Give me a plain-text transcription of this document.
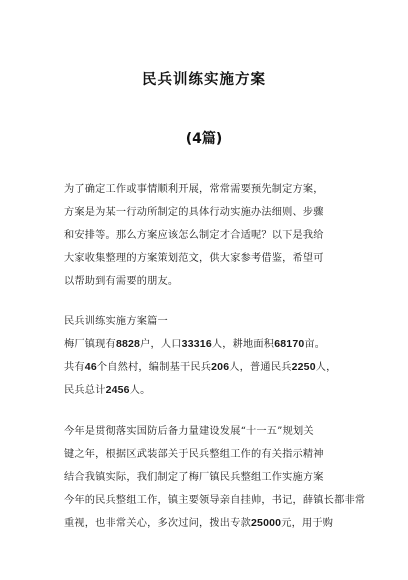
民兵训练实施方案
(4篇)
为了确定工作或事情顺利开展，常常需要预先制定方案，
方案是为某一行动所制定的具体行动实施办法细则、步骤
和安排等。那么方案应该怎么制定才合适呢？以下是我给
大家收集整理的方案策划范文，供大家参考借鉴，希望可
以帮助到有需要的朋友。
民兵训练实施方案篇一
梅厂镇现有8828户，人口33316人，耕地面积68170亩。
共有46个自然村，编制基干民兵206人，普通民兵2250人，
民兵总计2456人。
今年是贯彻落实国防后备力量建设发展“十一五”规划关
键之年，根据区武装部关于民兵整组工作的有关指示精神
结合我镇实际，我们制定了梅厂镇民兵整组工作实施方案
今年的民兵整组工作，镇主要领导亲自挂帅，书记，薛镇长都非常
重视，也非常关心，多次过问，拨出专款25000元，用于购
